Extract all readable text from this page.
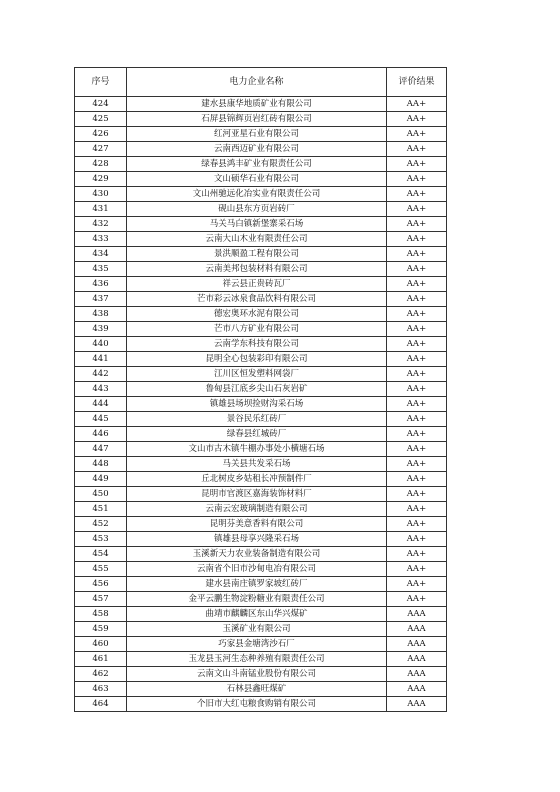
序号	电力企业名称	评价结果
424	建水县康华地质矿业有限公司	AA+
425	石屏县锦辉页岩红砖有限公司	AA+
426	红河亚星石业有限公司	AA+
427	云南西迈矿业有限公司	AA+
428	绿春县鸿丰矿业有限责任公司	AA+
429	文山硕华石业有限公司	AA+
430	文山州驰远化冶实业有限责任公司	AA+
431	砚山县东方页岩砖厂	AA+
432	马关马白镇新堡寨采石场	AA+
433	云南大山木业有限责任公司	AA+
434	景洪顺盈工程有限公司	AA+
435	云南美邦包装材料有限公司	AA+
436	祥云县正贵砖瓦厂	AA+
437	芒市彩云冰泉食品饮料有限公司	AA+
438	德宏奥环水泥有限公司	AA+
439	芒市八方矿业有限公司	AA+
440	云南学东科技有限公司	AA+
441	昆明全心包装彩印有限公司	AA+
442	江川区恒发塑料网袋厂	AA+
443	鲁甸县江底乡尖山石灰岩矿	AA+
444	镇雄县场坝捡财沟采石场	AA+
445	景谷民乐红砖厂	AA+
446	绿春县红城砖厂	AA+
447	文山市古木镇牛棚办事处小横塘石场	AA+
448	马关县共发采石场	AA+
449	丘北树皮乡姑租长冲预制件厂	AA+
450	昆明市官渡区嘉海装饰材料厂	AA+
451	云南云宏玻璃制造有限公司	AA+
452	昆明芬美意香料有限公司	AA+
453	镇雄县母享兴隆采石场	AA+
454	玉溪新天力农业装备制造有限公司	AA+
455	云南省个旧市沙甸电冶有限公司	AA+
456	建水县南庄镇罗家坡红砖厂	AA+
457	金平云鹏生物淀粉糖业有限责任公司	AA+
458	曲靖市麒麟区东山华兴煤矿	AAA
459	玉溪矿业有限公司	AAA
460	巧家县金塘湾沙石厂	AAA
461	玉龙县玉河生态种养殖有限责任公司	AAA
462	云南文山斗南锰业股份有限公司	AAA
463	石林县鑫旺煤矿	AAA
464	个旧市大红屯粮食购销有限公司	AAA
